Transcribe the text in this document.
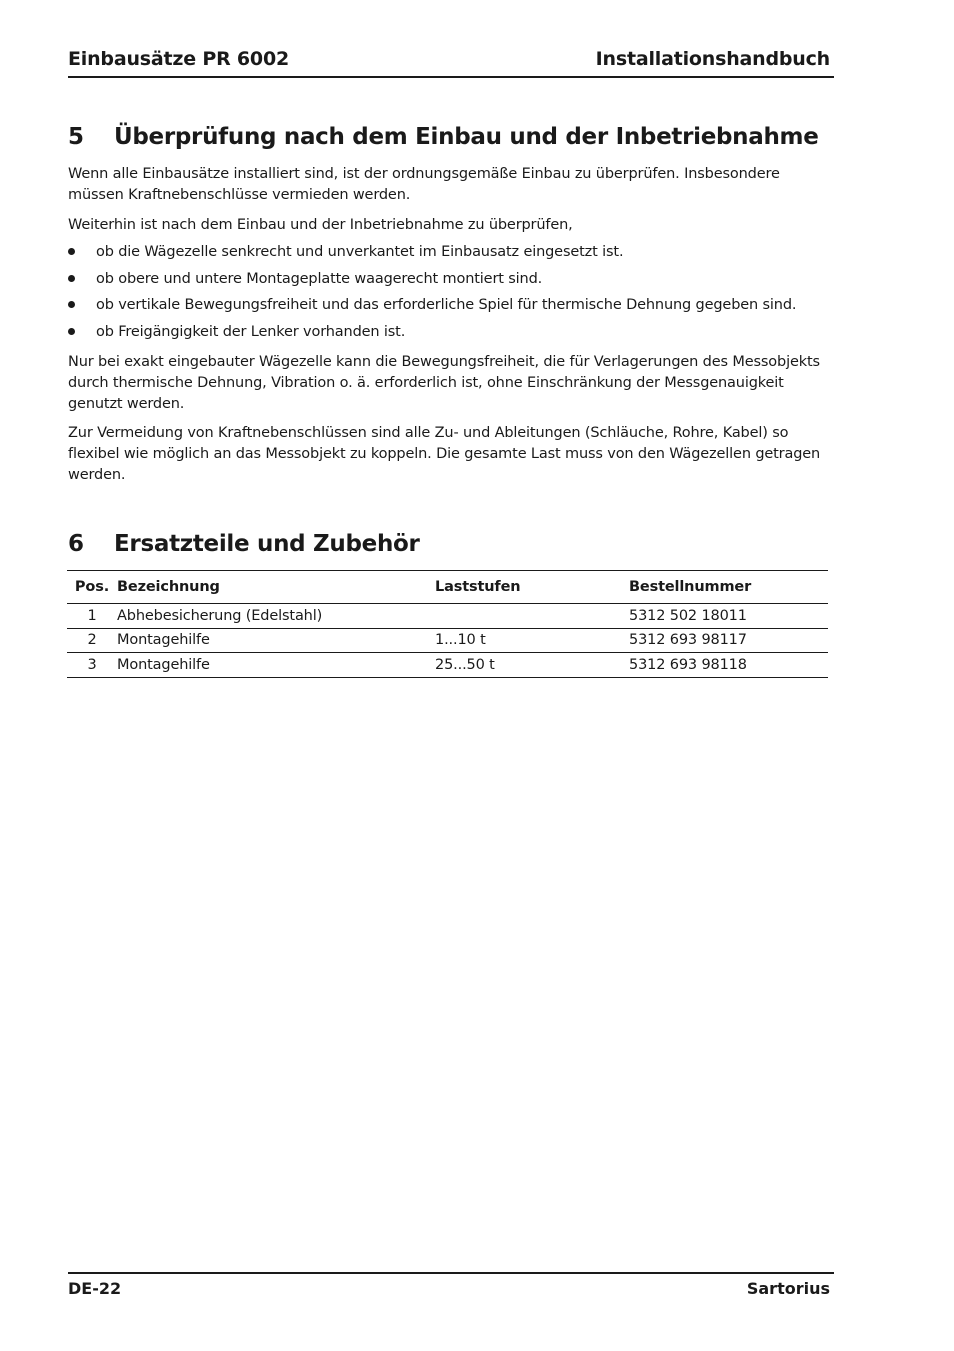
Einbausätze PR 6002	Installationshandbuch
5 Überprüfung nach dem Einbau und der Inbetriebnahme

Wenn alle Einbausätze installiert sind, ist der ordnungsgemäße Einbau zu überprüfen. Insbesondere müssen Kraftnebenschlüsse vermieden werden.

Weiterhin ist nach dem Einbau und der Inbetriebnahme zu überprüfen,

ob die Wägezelle senkrecht und unverkantet im Einbausatz eingesetzt ist.
ob obere und untere Montageplatte waagerecht montiert sind.
ob vertikale Bewegungsfreiheit und das erforderliche Spiel für thermische Dehnung gegeben sind.
ob Freigängigkeit der Lenker vorhanden ist.

Nur bei exakt eingebauter Wägezelle kann die Bewegungsfreiheit, die für Verlagerungen des Messobjekts durch thermische Dehnung, Vibration o. ä. erforderlich ist, ohne Einschränkung der Messgenauigkeit genutzt werden.

Zur Vermeidung von Kraftnebenschlüssen sind alle Zu- und Ableitungen (Schläuche, Rohre, Kabel) so flexibel wie möglich an das Messobjekt zu koppeln. Die gesamte Last muss von den Wägezellen getragen werden.

6 Ersatzteile und Zubehör
Pos.	Bezeichnung	Laststufen	Bestellnummer
1	Abhebesicherung (Edelstahl)		5312 502 18011
2	Montagehilfe	1...10 t	5312 693 98117
3	Montagehilfe	25...50 t	5312 693 98118
DE-22	Sartorius
